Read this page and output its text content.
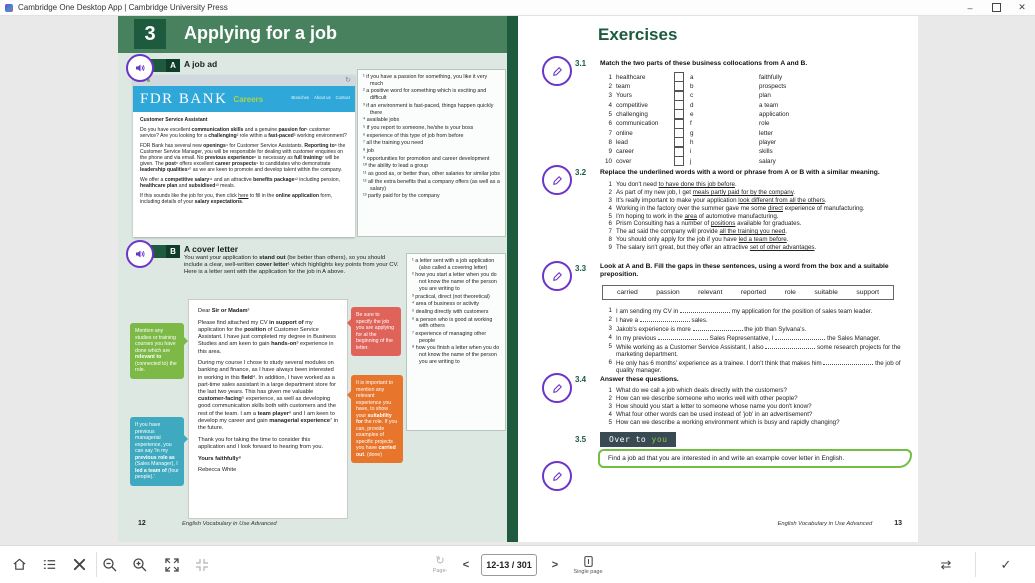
Cambridge One Desktop App | Cambridge University Press	–	✕
3	Applying for a job
A A job ad
↻
FDR BANK Careers	Branches About us Contact

Customer Service Assistant

Do you have excellent communication skills and a genuine passion for¹ customer service? Are you looking for a challenging² role within a fast-paced³ working environment?

FDR Bank has several new openings⁴ for Customer Service Assistants. Reporting to⁵ the Customer Service Manager, you will be responsible for dealing with customer enquiries on the phone and via email. No previous experience⁶ is necessary as full training⁷ will be given. The post⁸ offers excellent career prospects⁹ to candidates who demonstrate leadership qualities¹⁰ as we are keen to promote and develop talent within the company.

We offer a competitive salary¹¹ and an attractive benefits package¹² including pension, healthcare plan and subsidised¹³ meals.

If this sounds like the job for you, then click here to fill in the online application form, including details of your salary expectations.

¹ if you have a passion for something, you like it very much
² a positive word for something which is exciting and difficult
³ if an environment is fast-paced, things happen quickly there
⁴ available jobs
⁵ if you report to someone, he/she is your boss
⁶ experience of this type of job from before
⁷ all the training you need
⁸ job
⁹ opportunities for promotion and career development
¹⁰ the ability to lead a group
¹¹ as good as, or better than, other salaries for similar jobs
¹² all the extra benefits that a company offers (as well as a salary)
¹³ partly paid for by the company
B A cover letter
You want your application to stand out (be better than others), so you should include a clear, well-written cover letter¹ which highlights key points from your CV. Here is a letter sent with the application for the job in A above.

Dear Sir or Madam²

Please find attached my CV in support of my application for the position of Customer Service Assistant. I have just completed my degree in Business Studies and am keen to gain hands-on³ experience in this area.

During my course I chose to study several modules on banking and finance, as I have always been interested in working in this field⁴. In addition, I have worked as a part-time sales assistant in a large department store for the last two years. This has given me valuable customer-facing⁵ experience, as well as developing good communication skills both with customers and the rest of the team. I am a team player⁶ and I am keen to develop my career and gain managerial experience⁷ in the future.

Thank you for taking the time to consider this application and I look forward to hearing from you.

Yours faithfully⁸

Rebecca White

Mention any studies or training courses you have done which are relevant to (connected to) the role.
If you have previous managerial experience, you can say 'In my previous role as (Sales Manager), I led a team of (four people).'
Be sure to specify the job you are applying for at the beginning of the letter.
It is important to mention any relevant experience you have, to show your suitability for the role. If you can, provide examples of specific projects you have carried out. (done)
¹ a letter sent with a job application (also called a covering letter)
² how you start a letter when you do not know the name of the person you are writing to
³ practical, direct (not theoretical)
⁴ area of business or activity
⁵ dealing directly with customers
⁶ a person who is good at working with others
⁷ experience of managing other people
⁸ how you finish a letter when you do not know the name of the person you are writing to
12	English Vocabulary in Use Advanced
Exercises
3.1 Match the two parts of these business collocations from A and B.
1 healthcare	a	faithfully
2 team	b	prospects
3 Yours	c	plan
4 competitive	d	a team
5 challenging	e	application
6 communication	f	role
7 online	g	letter
8 lead	h	player
9 career	i	skills
10 cover	j	salary
3.2 Replace the underlined words with a word or phrase from A or B with a similar meaning.
1 You don't need to have done this job before.
2 As part of my new job, I get meals partly paid for by the company.
3 It's really important to make your application look different from all the others.
4 Working in the factory over the summer gave me some direct experience of manufacturing.
5 I'm hoping to work in the area of automotive manufacturing.
6 Prism Consulting has a number of positions available for graduates.
7 The ad said the company will provide all the training you need.
8 You should only apply for the job if you have led a team before.
9 The salary isn't great, but they offer an attractive set of other advantages.
3.3 Look at A and B. Fill the gaps in these sentences, using a word from the box and a suitable preposition.
carried	passion	relevant	reported	role	suitable	support
1 I am sending my CV in	my application for the position of sales team leader.
2 I have a	sales.
3 Jakob's experience is more	the job than Sylvana's.
4 In my previous	Sales Representative, I	the Sales Manager.
5 While working as a Customer Service Assistant, I also	some research projects for the marketing department.
6 He only has 6 months' experience as a trainee. I don't think that makes him	the job of quality manager.
3.4 Answer these questions.
1 What do we call a job which deals directly with the customers?
2 How can we describe someone who works well with other people?
3 How should you start a letter to someone whose name you don't know?
4 What four other words can be used instead of 'job' in an advertisement?
5 How can we describe a working environment which is busy and rapidly changing?
3.5	Over to you
Find a job ad that you are interested in and write an example cover letter in English.
English Vocabulary in Use Advanced	13
↻
Page- <	12-13 / 301	>
Single page	⇄	✓
